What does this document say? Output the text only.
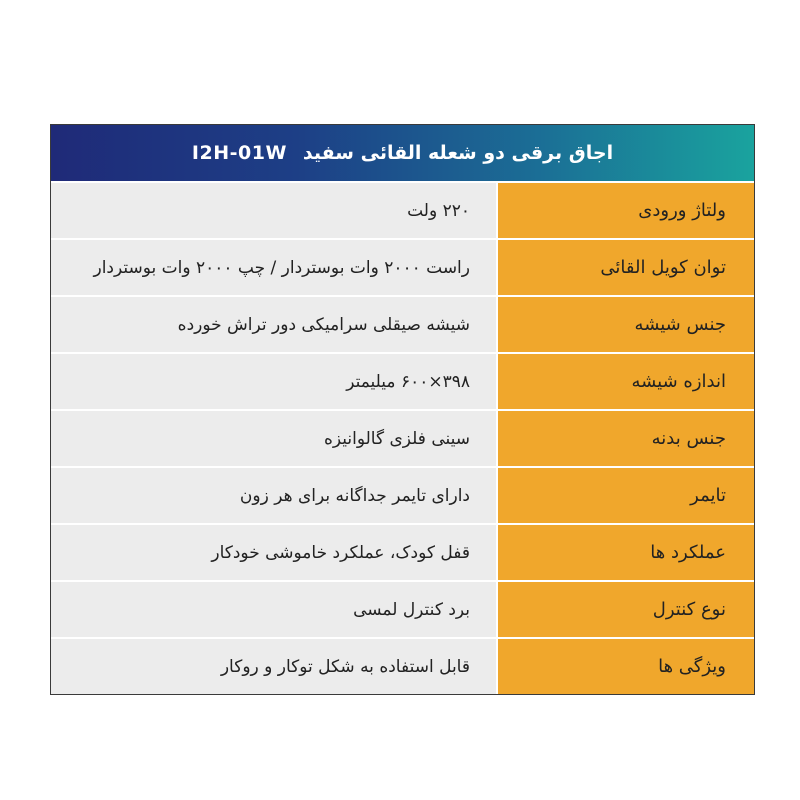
اجاق برقی دو شعله القائی سفید
I2H-01W
ولتاژ ورودی
۲۲۰ ولت
توان کویل القائی
راست ۲۰۰۰ وات بوستردار / چپ ۲۰۰۰ وات بوستردار
جنس شیشه
شیشه صیقلی سرامیکی دور تراش خورده
اندازه شیشه
۳۹۸×۶۰۰ میلیمتر
جنس بدنه
سینی فلزی گالوانیزه
تایمر
دارای تایمر جداگانه برای هر زون
عملکرد ها
قفل کودک، عملکرد خاموشی خودکار
نوع کنترل
برد کنترل لمسی
ویژگی ها
قابل استفاده به شکل توکار و روکار
